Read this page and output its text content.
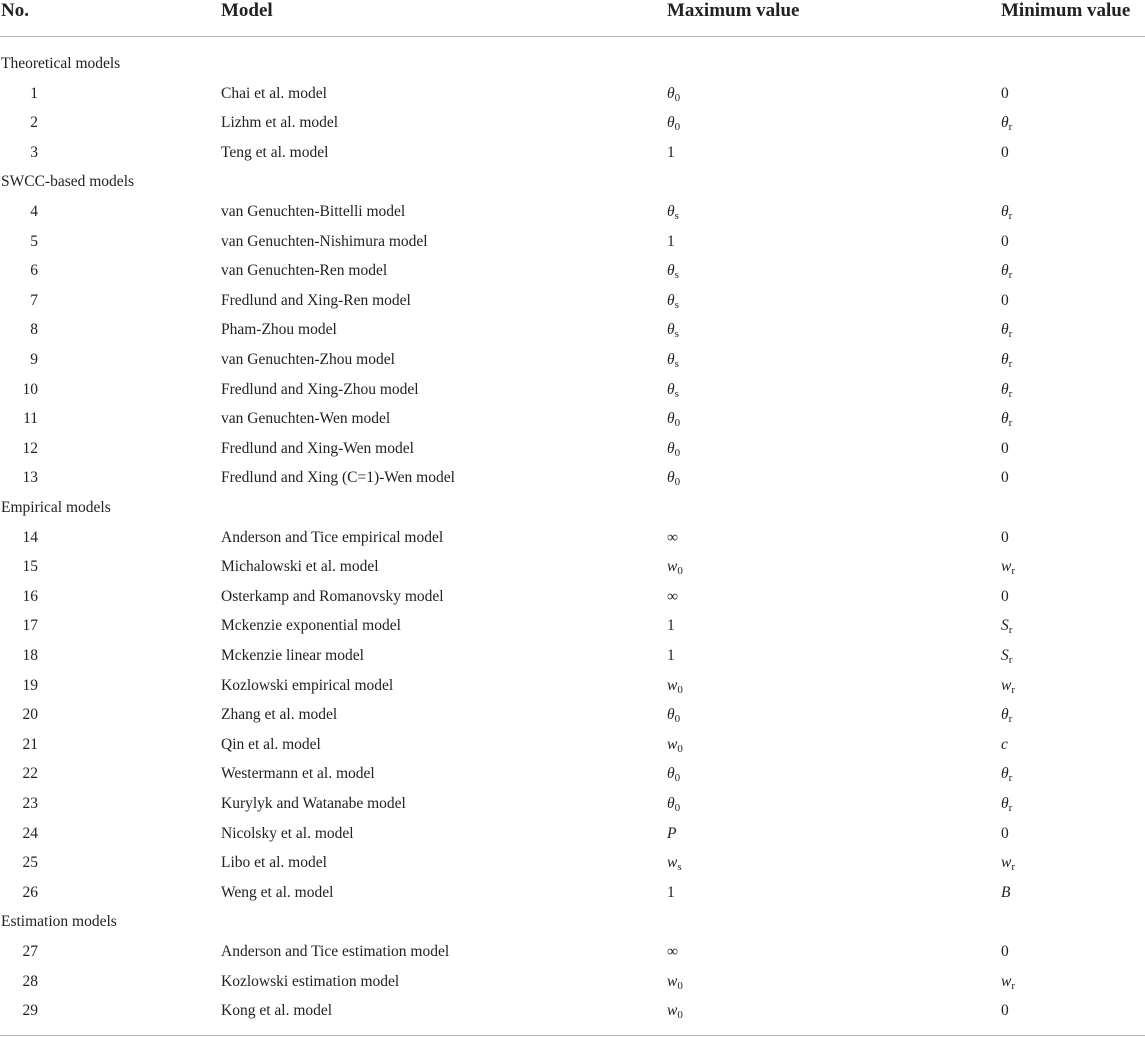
No.	Model	Maximum value	Minimum value
Theoretical models
1	Chai et al. model	$\theta_0$	0
2	Lizhm et al. model	$\theta_0$	$\theta_r$
3	Teng et al. model	1	0
SWCC-based models
4	van Genuchten-Bittelli model	$\theta_s$	$\theta_r$
5	van Genuchten-Nishimura model	1	0
6	van Genuchten-Ren model	$\theta_s$	$\theta_r$
7	Fredlund and Xing-Ren model	$\theta_s$	0
8	Pham-Zhou model	$\theta_s$	$\theta_r$
9	van Genuchten-Zhou model	$\theta_s$	$\theta_r$
10	Fredlund and Xing-Zhou model	$\theta_s$	$\theta_r$
11	van Genuchten-Wen model	$\theta_0$	$\theta_r$
12	Fredlund and Xing-Wen model	$\theta_0$	0
13	Fredlund and Xing (C=1)-Wen model	$\theta_0$	0
Empirical models
14	Anderson and Tice empirical model	∞	0
15	Michalowski et al. model	$w_0$	$w_r$
16	Osterkamp and Romanovsky model	∞	0
17	Mckenzie exponential model	1	$S_r$
18	Mckenzie linear model	1	$S_r$
19	Kozlowski empirical model	$w_0$	$w_r$
20	Zhang et al. model	$\theta_0$	$\theta_r$
21	Qin et al. model	$w_0$	c
22	Westermann et al. model	$\theta_0$	$\theta_r$
23	Kurylyk and Watanabe model	$\theta_0$	$\theta_r$
24	Nicolsky et al. model	P	0
25	Libo et al. model	$w_s$	$w_r$
26	Weng et al. model	1	B
Estimation models
27	Anderson and Tice estimation model	∞	0
28	Kozlowski estimation model	$w_0$	$w_r$
29	Kong et al. model	$w_0$	0
